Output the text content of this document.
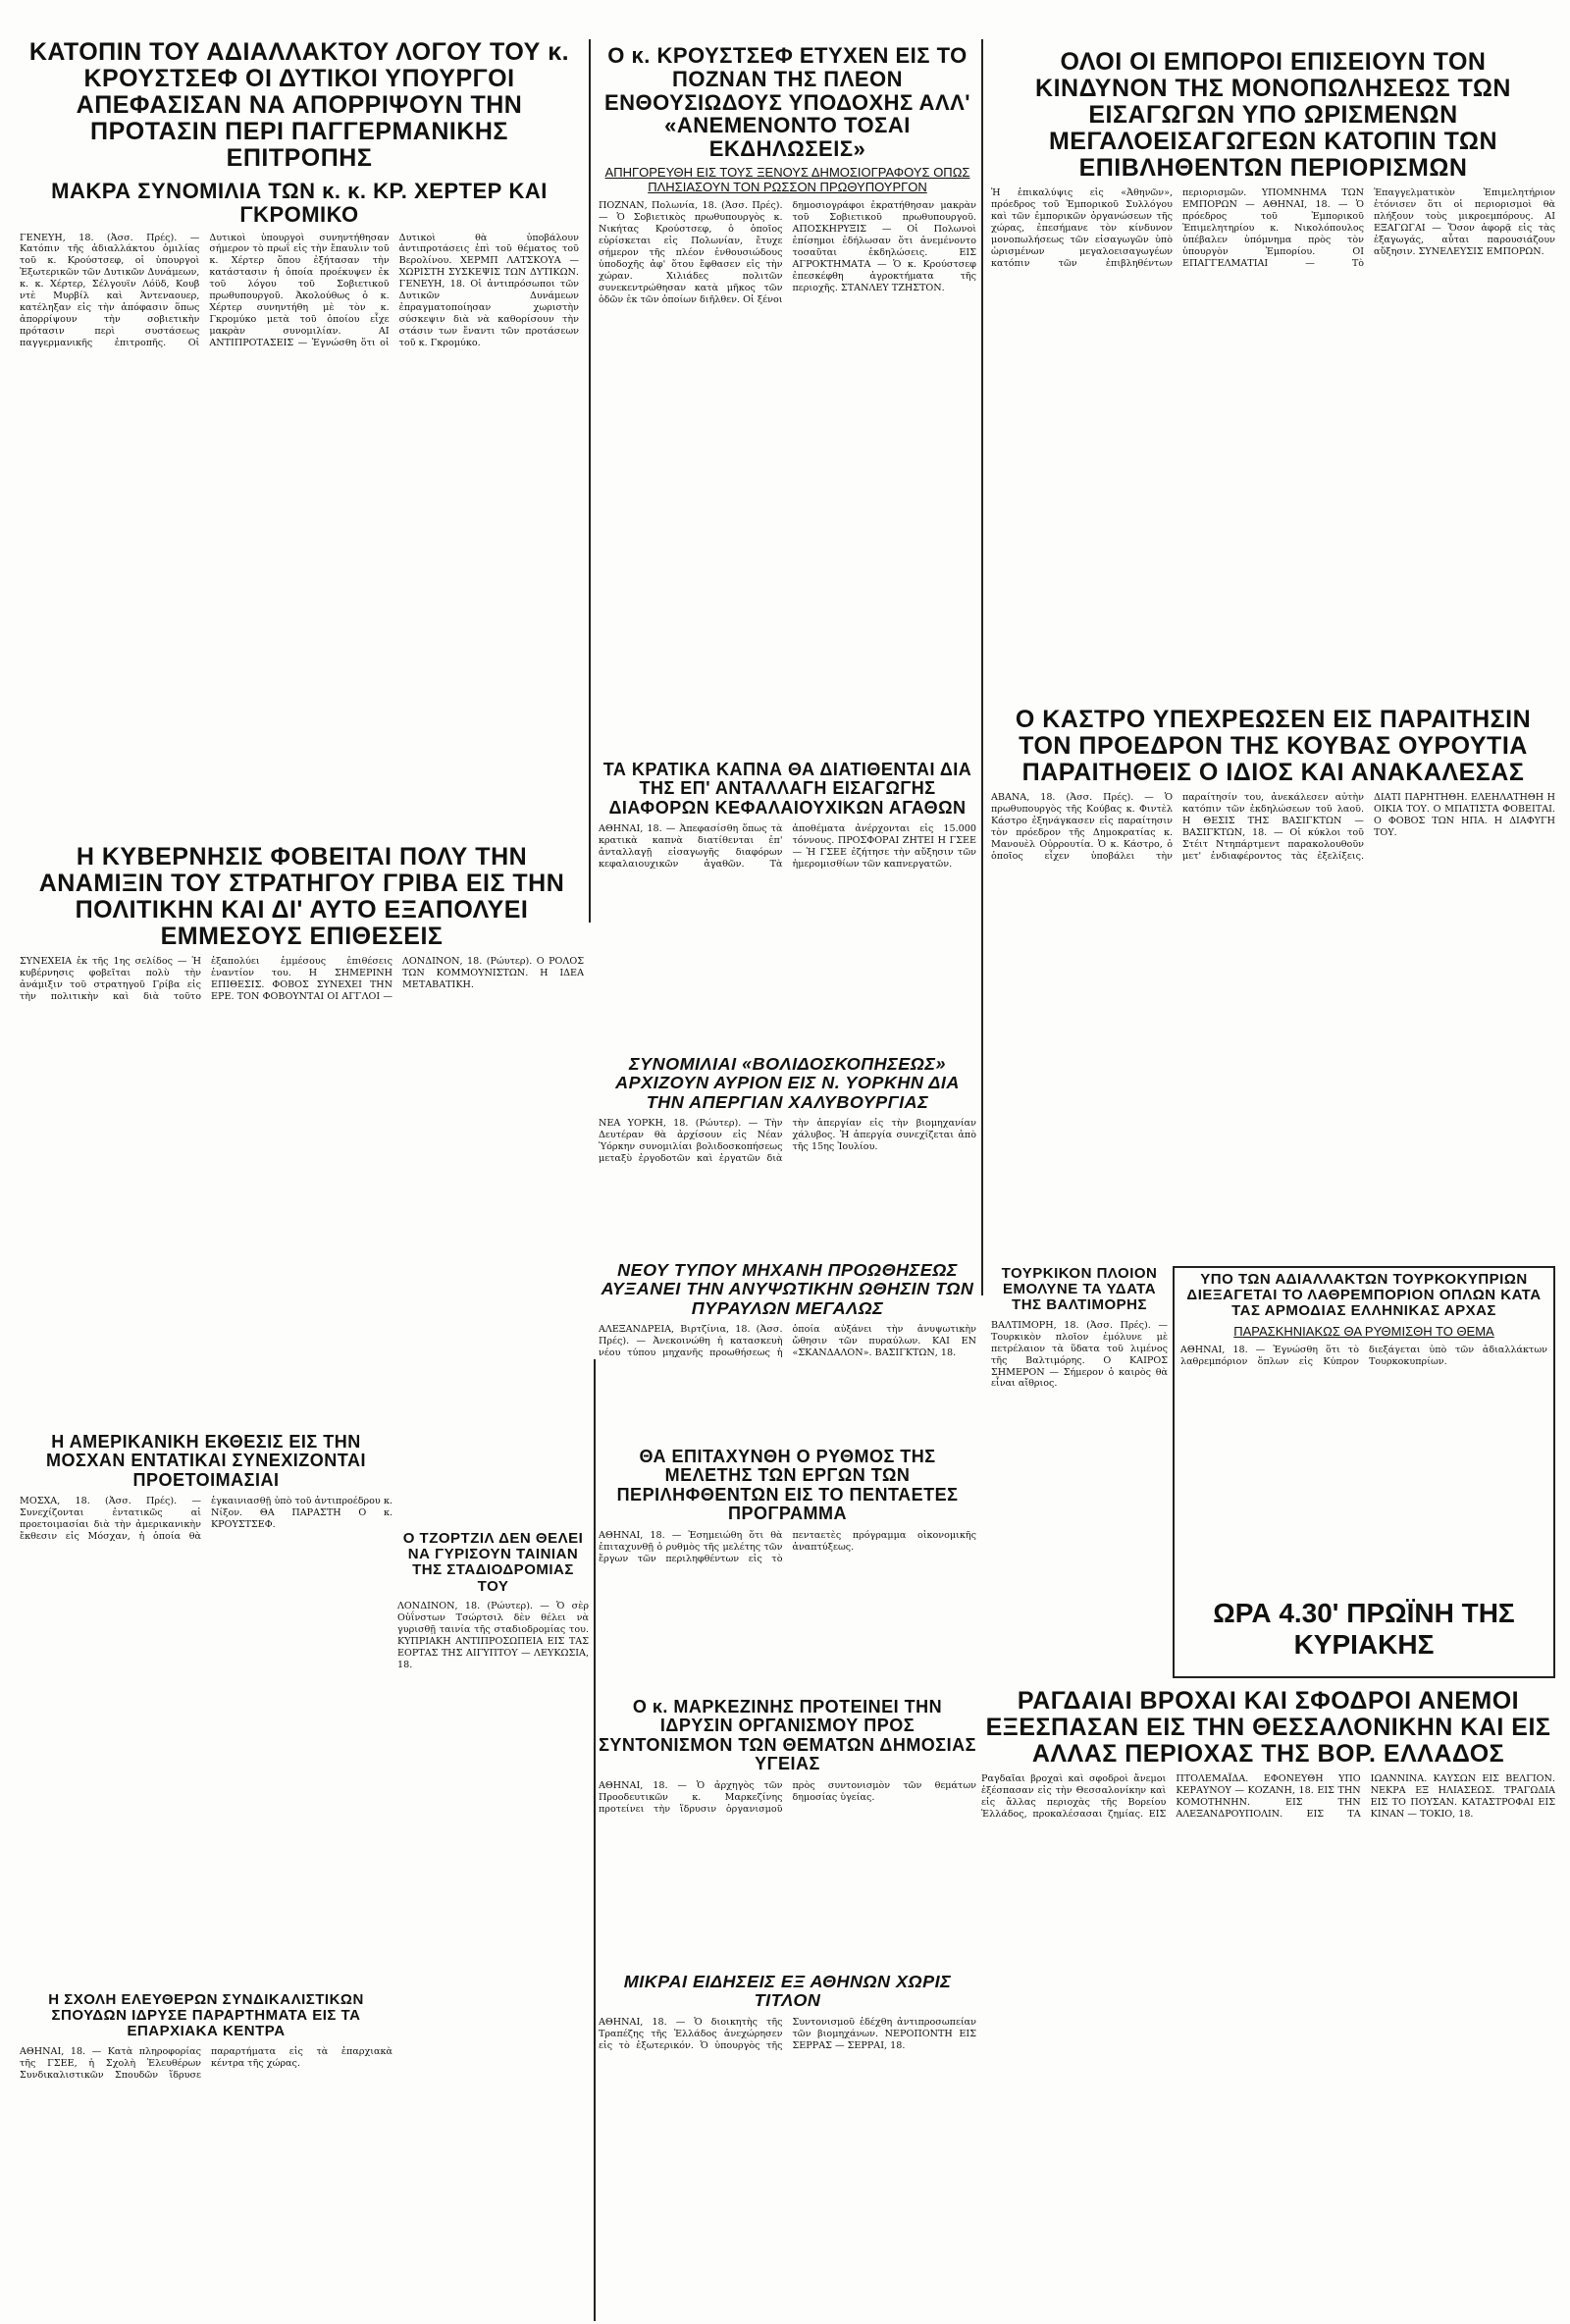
ΚΑΤΟΠΙΝ ΤΟΥ ΑΔΙΑΛΛΑΚΤΟΥ ΛΟΓΟΥ ΤΟΥ κ. ΚΡΟΥΣΤΣΕΦ ΟΙ ΔΥΤΙΚΟΙ ΥΠΟΥΡΓΟΙ ΑΠΕΦΑΣΙΣΑΝ ΝΑ ΑΠΟΡΡΙΨΟΥΝ ΤΗΝ ΠΡΟΤΑΣΙΝ ΠΕΡΙ ΠΑΓΓΕΡΜΑΝΙΚΗΣ ΕΠΙΤΡΟΠΗΣ
ΜΑΚΡΑ ΣΥΝΟΜΙΛΙΑ ΤΩΝ κ. κ. ΚΡ. ΧΕΡΤΕΡ ΚΑΙ ΓΚΡΟΜΙΚΟ
ΓΕΝΕΥΗ, 18. (Ἀσσ. Πρές). — Κατόπιν τῆς ἀδιαλλάκτου ὁμιλίας τοῦ κ. Κρούστσεφ, οἱ ὑπουργοὶ Ἐξωτερικῶν τῶν Δυτικῶν Δυνάμεων, κ. κ. Χέρτερ, Σέλγουϊν Λόϋδ, Κουβ ντὲ Μυρβίλ καὶ Ἀντεναουερ, κατέληξαν εἰς τὴν ἀπόφασιν ὅπως ἀπορρίψουν τὴν σοβιετικὴν πρότασιν περὶ συστάσεως παγγερμανικῆς ἐπιτροπῆς. Οἱ Δυτικοὶ ὑπουργοὶ συνηντήθησαν σήμερον τὸ πρωΐ εἰς τὴν ἔπαυλιν τοῦ κ. Χέρτερ ὅπου ἐξήτασαν τὴν κατάστασιν ἡ ὁποία προέκυψεν ἐκ τοῦ λόγου τοῦ Σοβιετικοῦ πρωθυπουργοῦ. Ἀκολούθως ὁ κ. Χέρτερ συνηντήθη μὲ τὸν κ. Γκρομύκο μετὰ τοῦ ὁποίου εἶχε μακρὰν συνομιλίαν. ΑΙ ΑΝΤΙΠΡΟΤΑΣΕΙΣ — Ἐγνώσθη ὅτι οἱ Δυτικοὶ θὰ ὑποβάλουν ἀντιπροτάσεις ἐπὶ τοῦ θέματος τοῦ Βερολίνου. ΧΕΡΜΠ ΛΑΤΣΚΟΥΑ — ΧΩΡΙΣΤΗ ΣΥΣΚΕΨΙΣ ΤΩΝ ΔΥΤΙΚΩΝ. ΓΕΝΕΥΗ, 18. Οἱ ἀντιπρόσωποι τῶν Δυτικῶν Δυνάμεων ἐπραγματοποίησαν χωριστὴν σύσκεψιν διὰ νὰ καθορίσουν τὴν στάσιν των ἔναντι τῶν προτάσεων τοῦ κ. Γκρομύκο.
Ο κ. ΚΡΟΥΣΤΣΕΦ ΕΤΥΧΕΝ ΕΙΣ ΤΟ ΠΟΖΝΑΝ ΤΗΣ ΠΛΕΟΝ ΕΝΘΟΥΣΙΩΔΟΥΣ ΥΠΟΔΟΧΗΣ ΑΛΛ' «ΑΝΕΜΕΝΟΝΤΟ ΤΟΣΑΙ ΕΚΔΗΛΩΣΕΙΣ»
ΑΠΗΓΟΡΕΥΘΗ ΕΙΣ ΤΟΥΣ ΞΕΝΟΥΣ ΔΗΜΟΣΙΟΓΡΑΦΟΥΣ ΟΠΩΣ ΠΛΗΣΙΑΣΟΥΝ ΤΟΝ ΡΩΣΣΟΝ ΠΡΩΘΥΠΟΥΡΓΟΝ
ΠΟΖΝΑΝ, Πολωνία, 18. (Ἀσσ. Πρές). — Ὁ Σοβιετικὸς πρωθυπουργὸς κ. Νικήτας Κρούστσεφ, ὁ ὁποῖος εὑρίσκεται εἰς Πολωνίαν, ἔτυχε σήμερον τῆς πλέον ἐνθουσιώδους ὑποδοχῆς ἀφ' ὅτου ἔφθασεν εἰς τὴν χώραν. Χιλιάδες πολιτῶν συνεκεντρώθησαν κατὰ μῆκος τῶν ὁδῶν ἐκ τῶν ὁποίων διῆλθεν. Οἱ ξένοι δημοσιογράφοι ἐκρατήθησαν μακρὰν τοῦ Σοβιετικοῦ πρωθυπουργοῦ. ΑΠΟΣΚΗΡΥΞΙΣ — Οἱ Πολωνοὶ ἐπίσημοι ἐδήλωσαν ὅτι ἀνεμένοντο τοσαῦται ἐκδηλώσεις. ΕΙΣ ΑΓΡΟΚΤΗΜΑΤΑ — Ὁ κ. Κρούστσεφ ἐπεσκέφθη ἀγροκτήματα τῆς περιοχῆς. ΣΤΑΝΛΕΥ ΤΖΗΣΤΟΝ.
ΟΛΟΙ ΟΙ ΕΜΠΟΡΟΙ ΕΠΙΣΕΙΟΥΝ ΤΟΝ ΚΙΝΔΥΝΟΝ ΤΗΣ ΜΟΝΟΠΩΛΗΣΕΩΣ ΤΩΝ ΕΙΣΑΓΩΓΩΝ ΥΠΟ ΩΡΙΣΜΕΝΩΝ ΜΕΓΑΛΟΕΙΣΑΓΩΓΕΩΝ ΚΑΤΟΠΙΝ ΤΩΝ ΕΠΙΒΛΗΘΕΝΤΩΝ ΠΕΡΙΟΡΙΣΜΩΝ
Ἡ ἐπικαλύψις εἰς «Ἀθηνῶν», πρόεδρος τοῦ Ἐμπορικοῦ Συλλόγου καὶ τῶν ἐμπορικῶν ὀργανώσεων τῆς χώρας, ἐπεσήμανε τὸν κίνδυνον μονοπωλήσεως τῶν εἰσαγωγῶν ὑπὸ ὡρισμένων μεγαλοεισαγωγέων κατόπιν τῶν ἐπιβληθέντων περιορισμῶν. ΥΠΟΜΝΗΜΑ ΤΩΝ ΕΜΠΟΡΩΝ — ΑΘΗΝΑΙ, 18. — Ὁ πρόεδρος τοῦ Ἐμπορικοῦ Ἐπιμελητηρίου κ. Νικολόπουλος ὑπέβαλεν ὑπόμνημα πρὸς τὸν ὑπουργὸν Ἐμπορίου. ΟΙ ΕΠΑΓΓΕΛΜΑΤΙΑΙ — Τὸ Ἐπαγγελματικὸν Ἐπιμελητήριον ἐτόνισεν ὅτι οἱ περιορισμοὶ θὰ πλήξουν τοὺς μικροεμπόρους. ΑΙ ΕΞΑΓΩΓΑΙ — Ὅσον ἀφορᾷ εἰς τὰς ἐξαγωγάς, αὗται παρουσιάζουν αὔξησιν. ΣΥΝΕΛΕΥΣΙΣ ΕΜΠΟΡΩΝ.
Ο ΚΑΣΤΡΟ ΥΠΕΧΡΕΩΣΕΝ ΕΙΣ ΠΑΡΑΙΤΗΣΙΝ ΤΟΝ ΠΡΟΕΔΡΟΝ ΤΗΣ ΚΟΥΒΑΣ ΟΥΡΟΥΤΙΑ ΠΑΡΑΙΤΗΘΕΙΣ Ο ΙΔΙΟΣ ΚΑΙ ΑΝΑΚΑΛΕΣΑΣ
ΑΒΑΝΑ, 18. (Ἀσσ. Πρές). — Ὁ πρωθυπουργὸς τῆς Κούβας κ. Φιντὲλ Κάστρο ἐξηνάγκασεν εἰς παραίτησιν τὸν πρόεδρον τῆς Δημοκρατίας κ. Μανουὲλ Οὐρρουτία. Ὁ κ. Κάστρο, ὁ ὁποῖος εἶχεν ὑποβάλει τὴν παραίτησίν του, ἀνεκάλεσεν αὐτὴν κατόπιν τῶν ἐκδηλώσεων τοῦ λαοῦ. Η ΘΕΣΙΣ ΤΗΣ ΒΑΣΙΓΚΤΩΝ — ΒΑΣΙΓΚΤΩΝ, 18. — Οἱ κύκλοι τοῦ Στέιτ Ντηπάρτμεντ παρακολουθοῦν μετ' ἐνδιαφέροντος τὰς ἐξελίξεις. ΔΙΑΤΙ ΠΑΡΗΤΗΘΗ. ΕΛΕΗΛΑΤΗΘΗ Η ΟΙΚΙΑ ΤΟΥ. Ο ΜΠΑΤΙΣΤΑ ΦΟΒΕΙΤΑΙ. Ο ΦΟΒΟΣ ΤΩΝ ΗΠΑ. Η ΔΙΑΦΥΓΗ ΤΟΥ.
ΤΑ ΚΡΑΤΙΚΑ ΚΑΠΝΑ ΘΑ ΔΙΑΤΙΘΕΝΤΑΙ ΔΙΑ ΤΗΣ ΕΠ' ΑΝΤΑΛΛΑΓΗ ΕΙΣΑΓΩΓΗΣ ΔΙΑΦΟΡΩΝ ΚΕΦΑΛΑΙΟΥΧΙΚΩΝ ΑΓΑΘΩΝ
ΑΘΗΝΑΙ, 18. — Ἀπεφασίσθη ὅπως τὰ κρατικὰ καπνὰ διατίθενται ἐπ' ἀνταλλαγῇ εἰσαγωγῆς διαφόρων κεφαλαιουχικῶν ἀγαθῶν. Τὰ ἀποθέματα ἀνέρχονται εἰς 15.000 τόννους. ΠΡΟΣΦΟΡΑΙ ΖΗΤΕΙ Η ΓΣΕΕ — Ἡ ΓΣΕΕ ἐζήτησε τὴν αὔξησιν τῶν ἡμερομισθίων τῶν καπνεργατῶν.
Η ΚΥΒΕΡΝΗΣΙΣ ΦΟΒΕΙΤΑΙ ΠΟΛΥ ΤΗΝ ΑΝΑΜΙΞΙΝ ΤΟΥ ΣΤΡΑΤΗΓΟΥ ΓΡΙΒΑ ΕΙΣ ΤΗΝ ΠΟΛΙΤΙΚΗΝ ΚΑΙ ΔΙ' ΑΥΤΟ ΕΞΑΠΟΛΥΕΙ ΕΜΜΕΣΟΥΣ ΕΠΙΘΕΣΕΙΣ
ΣΥΝΕΧΕΙΑ ἐκ τῆς 1ης σελίδος — Ἡ κυβέρνησις φοβεῖται πολὺ τὴν ἀνάμιξιν τοῦ στρατηγοῦ Γρίβα εἰς τὴν πολιτικὴν καὶ διὰ τοῦτο ἐξαπολύει ἐμμέσους ἐπιθέσεις ἐναντίον του. Η ΣΗΜΕΡΙΝΗ ΕΠΙΘΕΣΙΣ. ΦΟΒΟΣ ΣΥΝΕΧΕΙ ΤΗΝ ΕΡΕ. ΤΟΝ ΦΟΒΟΥΝΤΑΙ ΟΙ ΑΓΓΛΟΙ — ΛΟΝΔΙΝΟΝ, 18. (Ρώυτερ). Ο ΡΟΛΟΣ ΤΩΝ ΚΟΜΜΟΥΝΙΣΤΩΝ. Η ΙΔΕΑ ΜΕΤΑΒΑΤΙΚΗ.
ΣΥΝΟΜΙΛΙΑΙ «ΒΟΛΙΔΟΣΚΟΠΗΣΕΩΣ» ΑΡΧΙΖΟΥΝ ΑΥΡΙΟΝ ΕΙΣ Ν. ΥΟΡΚΗΝ ΔΙΑ ΤΗΝ ΑΠΕΡΓΙΑΝ ΧΑΛΥΒΟΥΡΓΙΑΣ
ΝΕΑ ΥΟΡΚΗ, 18. (Ρώυτερ). — Τὴν Δευτέραν θὰ ἀρχίσουν εἰς Νέαν Ὑόρκην συνομιλίαι βολιδοσκοπήσεως μεταξὺ ἐργοδοτῶν καὶ ἐργατῶν διὰ τὴν ἀπεργίαν εἰς τὴν βιομηχανίαν χάλυβος. Ἡ ἀπεργία συνεχίζεται ἀπὸ τῆς 15ης Ἰουλίου.
ΝΕΟΥ ΤΥΠΟΥ ΜΗΧΑΝΗ ΠΡΟΩΘΗΣΕΩΣ ΑΥΞΑΝΕΙ ΤΗΝ ΑΝΥΨΩΤΙΚΗΝ ΩΘΗΣΙΝ ΤΩΝ ΠΥΡΑΥΛΩΝ ΜΕΓΑΛΩΣ
ΑΛΕΞΑΝΔΡΕΙΑ, Βιρτζίνια, 18. (Ἀσσ. Πρές). — Ἀνεκοινώθη ἡ κατασκευὴ νέου τύπου μηχανῆς προωθήσεως ἡ ὁποία αὐξάνει τὴν ἀνυψωτικὴν ὤθησιν τῶν πυραύλων. ΚΑΙ ΕΝ «ΣΚΑΝΔΑΛΟΝ». ΒΑΣΙΓΚΤΩΝ, 18.
ΤΟΥΡΚΙΚΟΝ ΠΛΟΙΟΝ ΕΜΟΛΥΝΕ ΤΑ ΥΔΑΤΑ ΤΗΣ ΒΑΛΤΙΜΟΡΗΣ
ΒΑΛΤΙΜΟΡΗ, 18. (Ἀσσ. Πρές). — Τουρκικὸν πλοῖον ἐμόλυνε μὲ πετρέλαιον τὰ ὕδατα τοῦ λιμένος τῆς Βαλτιμόρης. Ο ΚΑΙΡΟΣ ΣΗΜΕΡΟΝ — Σήμερον ὁ καιρὸς θὰ εἶναι αἴθριος.
ΥΠΟ ΤΩΝ ΑΔΙΑΛΛΑΚΤΩΝ ΤΟΥΡΚΟΚΥΠΡΙΩΝ ΔΙΕΞΑΓΕΤΑΙ ΤΟ ΛΑΘΡΕΜΠΟΡΙΟΝ ΟΠΛΩΝ ΚΑΤΑ ΤΑΣ ΑΡΜΟΔΙΑΣ ΕΛΛΗΝΙΚΑΣ ΑΡΧΑΣ
ΠΑΡΑΣΚΗΝΙΑΚΩΣ ΘΑ ΡΥΘΜΙΣΘΗ ΤΟ ΘΕΜΑ
ΑΘΗΝΑΙ, 18. — Ἐγνώσθη ὅτι τὸ λαθρεμπόριον ὅπλων εἰς Κύπρον διεξάγεται ὑπὸ τῶν ἀδιαλλάκτων Τουρκοκυπρίων.
ΩΡΑ 4.30' ΠΡΩΪΝΗ ΤΗΣ ΚΥΡΙΑΚΗΣ
ΘΑ ΕΠΙΤΑΧΥΝΘΗ Ο ΡΥΘΜΟΣ ΤΗΣ ΜΕΛΕΤΗΣ ΤΩΝ ΕΡΓΩΝ ΤΩΝ ΠΕΡΙΛΗΦΘΕΝΤΩΝ ΕΙΣ ΤΟ ΠΕΝΤΑΕΤΕΣ ΠΡΟΓΡΑΜΜΑ
ΑΘΗΝΑΙ, 18. — Ἐσημειώθη ὅτι θὰ ἐπιταχυνθῇ ὁ ρυθμὸς τῆς μελέτης τῶν ἔργων τῶν περιληφθέντων εἰς τὸ πενταετὲς πρόγραμμα οἰκονομικῆς ἀναπτύξεως.
Η ΑΜΕΡΙΚΑΝΙΚΗ ΕΚΘΕΣΙΣ ΕΙΣ ΤΗΝ ΜΟΣΧΑΝ ΕΝΤΑΤΙΚΑΙ ΣΥΝΕΧΙΖΟΝΤΑΙ ΠΡΟΕΤΟΙΜΑΣΙΑΙ
ΜΟΣΧΑ, 18. (Ἀσσ. Πρές). — Συνεχίζονται ἐντατικῶς αἱ προετοιμασίαι διὰ τὴν ἀμερικανικὴν ἔκθεσιν εἰς Μόσχαν, ἡ ὁποία θὰ ἐγκαινιασθῇ ὑπὸ τοῦ ἀντιπροέδρου κ. Νίξον. ΘΑ ΠΑΡΑΣΤΗ Ο κ. ΚΡΟΥΣΤΣΕΦ.
Ο ΤΖΟΡΤΖΙΛ ΔΕΝ ΘΕΛΕΙ ΝΑ ΓΥΡΙΣΟΥΝ ΤΑΙΝΙΑΝ ΤΗΣ ΣΤΑΔΙΟΔΡΟΜΙΑΣ ΤΟΥ
ΛΟΝΔΙΝΟΝ, 18. (Ρώυτερ). — Ὁ σὲρ Οὐΐνστων Τσώρτσιλ δὲν θέλει νὰ γυρισθῇ ταινία τῆς σταδιοδρομίας του. ΚΥΠΡΙΑΚΗ ΑΝΤΙΠΡΟΣΩΠΕΙΑ ΕΙΣ ΤΑΣ ΕΟΡΤΑΣ ΤΗΣ ΑΙΓΥΠΤΟΥ — ΛΕΥΚΩΣΙΑ, 18.
ΡΑΓΔΑΙΑΙ ΒΡΟΧΑΙ ΚΑΙ ΣΦΟΔΡΟΙ ΑΝΕΜΟΙ ΕΞΕΣΠΑΣΑΝ ΕΙΣ ΤΗΝ ΘΕΣΣΑΛΟΝΙΚΗΝ ΚΑΙ ΕΙΣ ΑΛΛΑΣ ΠΕΡΙΟΧΑΣ ΤΗΣ ΒΟΡ. ΕΛΛΑΔΟΣ
Ραγδαῖαι βροχαὶ καὶ σφοδροὶ ἄνεμοι ἐξέσπασαν εἰς τὴν Θεσσαλονίκην καὶ εἰς ἄλλας περιοχὰς τῆς Βορείου Ἑλλάδος, προκαλέσασαι ζημίας. ΕΙΣ ΠΤΟΛΕΜΑΪΔΑ. ΕΦΟΝΕΥΘΗ ΥΠΟ ΚΕΡΑΥΝΟΥ — ΚΟΖΑΝΗ, 18. ΕΙΣ ΤΗΝ ΚΟΜΟΤΗΝΗΝ. ΕΙΣ ΤΗΝ ΑΛΕΞΑΝΔΡΟΥΠΟΛΙΝ. ΕΙΣ ΤΑ ΙΩΑΝΝΙΝΑ. ΚΑΥΣΩΝ ΕΙΣ ΒΕΛΓΙΟΝ. ΝΕΚΡΑ ΕΞ ΗΛΙΑΣΕΩΣ. ΤΡΑΓΩΔΙΑ ΕΙΣ ΤΟ ΠΟΥΣΑΝ. ΚΑΤΑΣΤΡΟΦΑΙ ΕΙΣ ΚΙΝΑΝ — ΤΟΚΙΟ, 18.
Ο κ. ΜΑΡΚΕΖΙΝΗΣ ΠΡΟΤΕΙΝΕΙ ΤΗΝ ΙΔΡΥΣΙΝ ΟΡΓΑΝΙΣΜΟΥ ΠΡΟΣ ΣΥΝΤΟΝΙΣΜΟΝ ΤΩΝ ΘΕΜΑΤΩΝ ΔΗΜΟΣΙΑΣ ΥΓΕΙΑΣ
ΑΘΗΝΑΙ, 18. — Ὁ ἀρχηγὸς τῶν Προοδευτικῶν κ. Μαρκεζίνης προτείνει τὴν ἵδρυσιν ὀργανισμοῦ πρὸς συντονισμὸν τῶν θεμάτων δημοσίας ὑγείας.
Η ΣΧΟΛΗ ΕΛΕΥΘΕΡΩΝ ΣΥΝΔΙΚΑΛΙΣΤΙΚΩΝ ΣΠΟΥΔΩΝ ΙΔΡΥΣΕ ΠΑΡΑΡΤΗΜΑΤΑ ΕΙΣ ΤΑ ΕΠΑΡΧΙΑΚΑ ΚΕΝΤΡΑ
ΑΘΗΝΑΙ, 18. — Κατὰ πληροφορίας τῆς ΓΣΕΕ, ἡ Σχολὴ Ἐλευθέρων Συνδικαλιστικῶν Σπουδῶν ἵδρυσε παραρτήματα εἰς τὰ ἐπαρχιακὰ κέντρα τῆς χώρας.
ΜΙΚΡΑΙ ΕΙΔΗΣΕΙΣ ΕΞ ΑΘΗΝΩΝ ΧΩΡΙΣ ΤΙΤΛΟΝ
ΑΘΗΝΑΙ, 18. — Ὁ διοικητὴς τῆς Τραπέζης τῆς Ἑλλάδος ἀνεχώρησεν εἰς τὸ ἐξωτερικόν. Ὁ ὑπουργὸς τῆς Συντονισμοῦ ἐδέχθη ἀντιπροσωπείαν τῶν βιομηχάνων. ΝΕΡΟΠΟΝΤΗ ΕΙΣ ΣΕΡΡΑΣ — ΣΕΡΡΑΙ, 18.
